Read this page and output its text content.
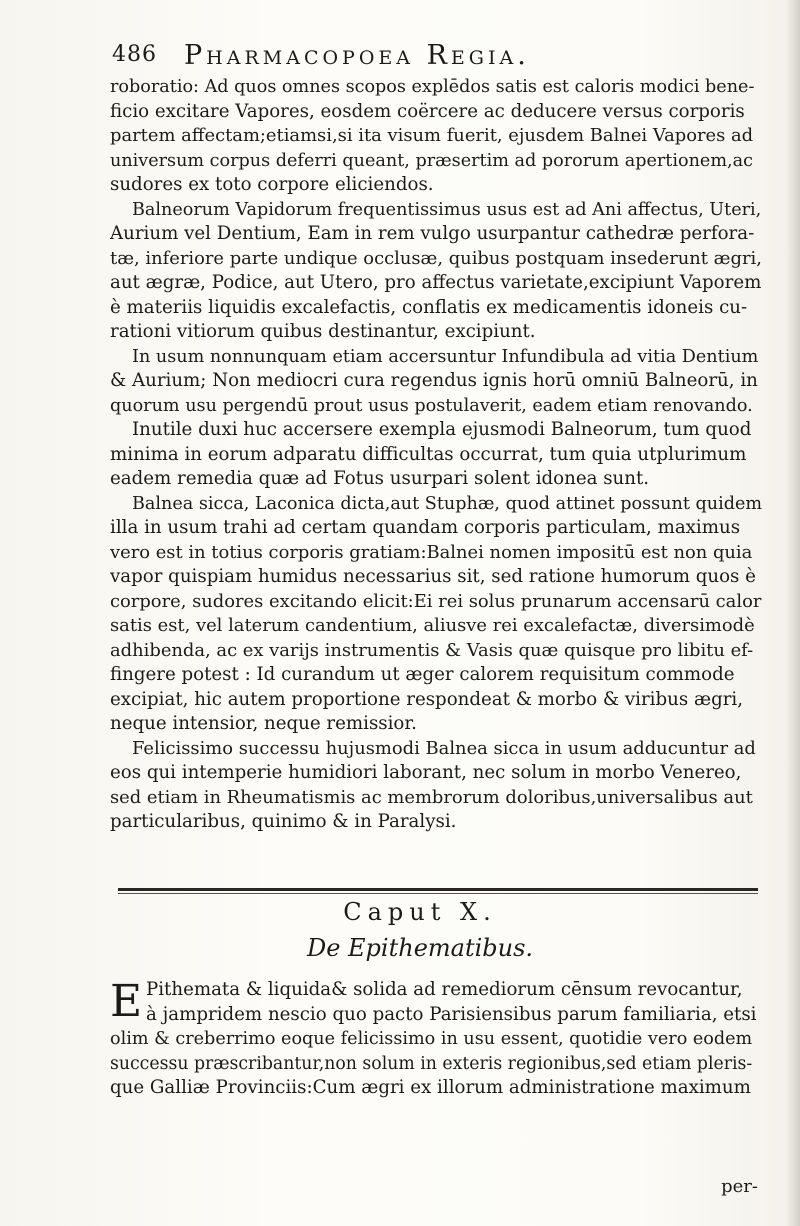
486 Pharmacopoea Regia.
roboratio: Ad quos omnes scopos explēdos satis est caloris modici bene-
ficio excitare Vapores, eosdem coërcere ac deducere versus corporis
partem affectam;etiamsi,si ita visum fuerit, ejusdem Balnei Vapores ad
universum corpus deferri queant, præsertim ad pororum apertionem,ac
sudores ex toto corpore eliciendos.
Balneorum Vapidorum frequentissimus usus est ad Ani affectus, Uteri,
Aurium vel Dentium, Eam in rem vulgo usurpantur cathedræ perfora-
tæ, inferiore parte undique occlusæ, quibus postquam insederunt ægri,
aut ægræ, Podice, aut Utero, pro affectus varietate,excipiunt Vaporem
è materiis liquidis excalefactis, conflatis ex medicamentis idoneis cu-
rationi vitiorum quibus destinantur, excipiunt.
In usum nonnunquam etiam accersuntur Infundibula ad vitia Dentium
& Aurium; Non mediocri cura regendus ignis horū omniū Balneorū, in
quorum usu pergendū prout usus postulaverit, eadem etiam renovando.
Inutile duxi huc accersere exempla ejusmodi Balneorum, tum quod
minima in eorum adparatu difficultas occurrat, tum quia utplurimum
eadem remedia quæ ad Fotus usurpari solent idonea sunt.
Balnea sicca, Laconica dicta,aut Stuphæ, quod attinet possunt quidem
illa in usum trahi ad certam quandam corporis particulam, maximus
vero est in totius corporis gratiam:Balnei nomen impositū est non quia
vapor quispiam humidus necessarius sit, sed ratione humorum quos è
corpore, sudores excitando elicit:Ei rei solus prunarum accensarū calor
satis est, vel laterum candentium, aliusve rei excalefactæ, diversimodè
adhibenda, ac ex varijs instrumentis & Vasis quæ quisque pro libitu ef-
fingere potest : Id curandum ut æger calorem requisitum commode
excipiat, hic autem proportione respondeat & morbo & viribus ægri,
neque intensior, neque remissior.
Felicissimo successu hujusmodi Balnea sicca in usum adducuntur ad
eos qui intemperie humidiori laborant, nec solum in morbo Venereo,
sed etiam in Rheumatismis ac membrorum doloribus,universalibus aut
particularibus, quinimo & in Paralysi.
Caput X.
De Epithematibus.
E Pithemata & liquida& solida ad remediorum cēnsum revocantur,
à jampridem nescio quo pacto Parisiensibus parum familiaria, etsi
olim & creberrimo eoque felicissimo in usu essent, quotidie vero eodem
successu præscribantur,non solum in exteris regionibus,sed etiam pleris-
que Galliæ Provinciis:Cum ægri ex illorum administratione maximum
per-
